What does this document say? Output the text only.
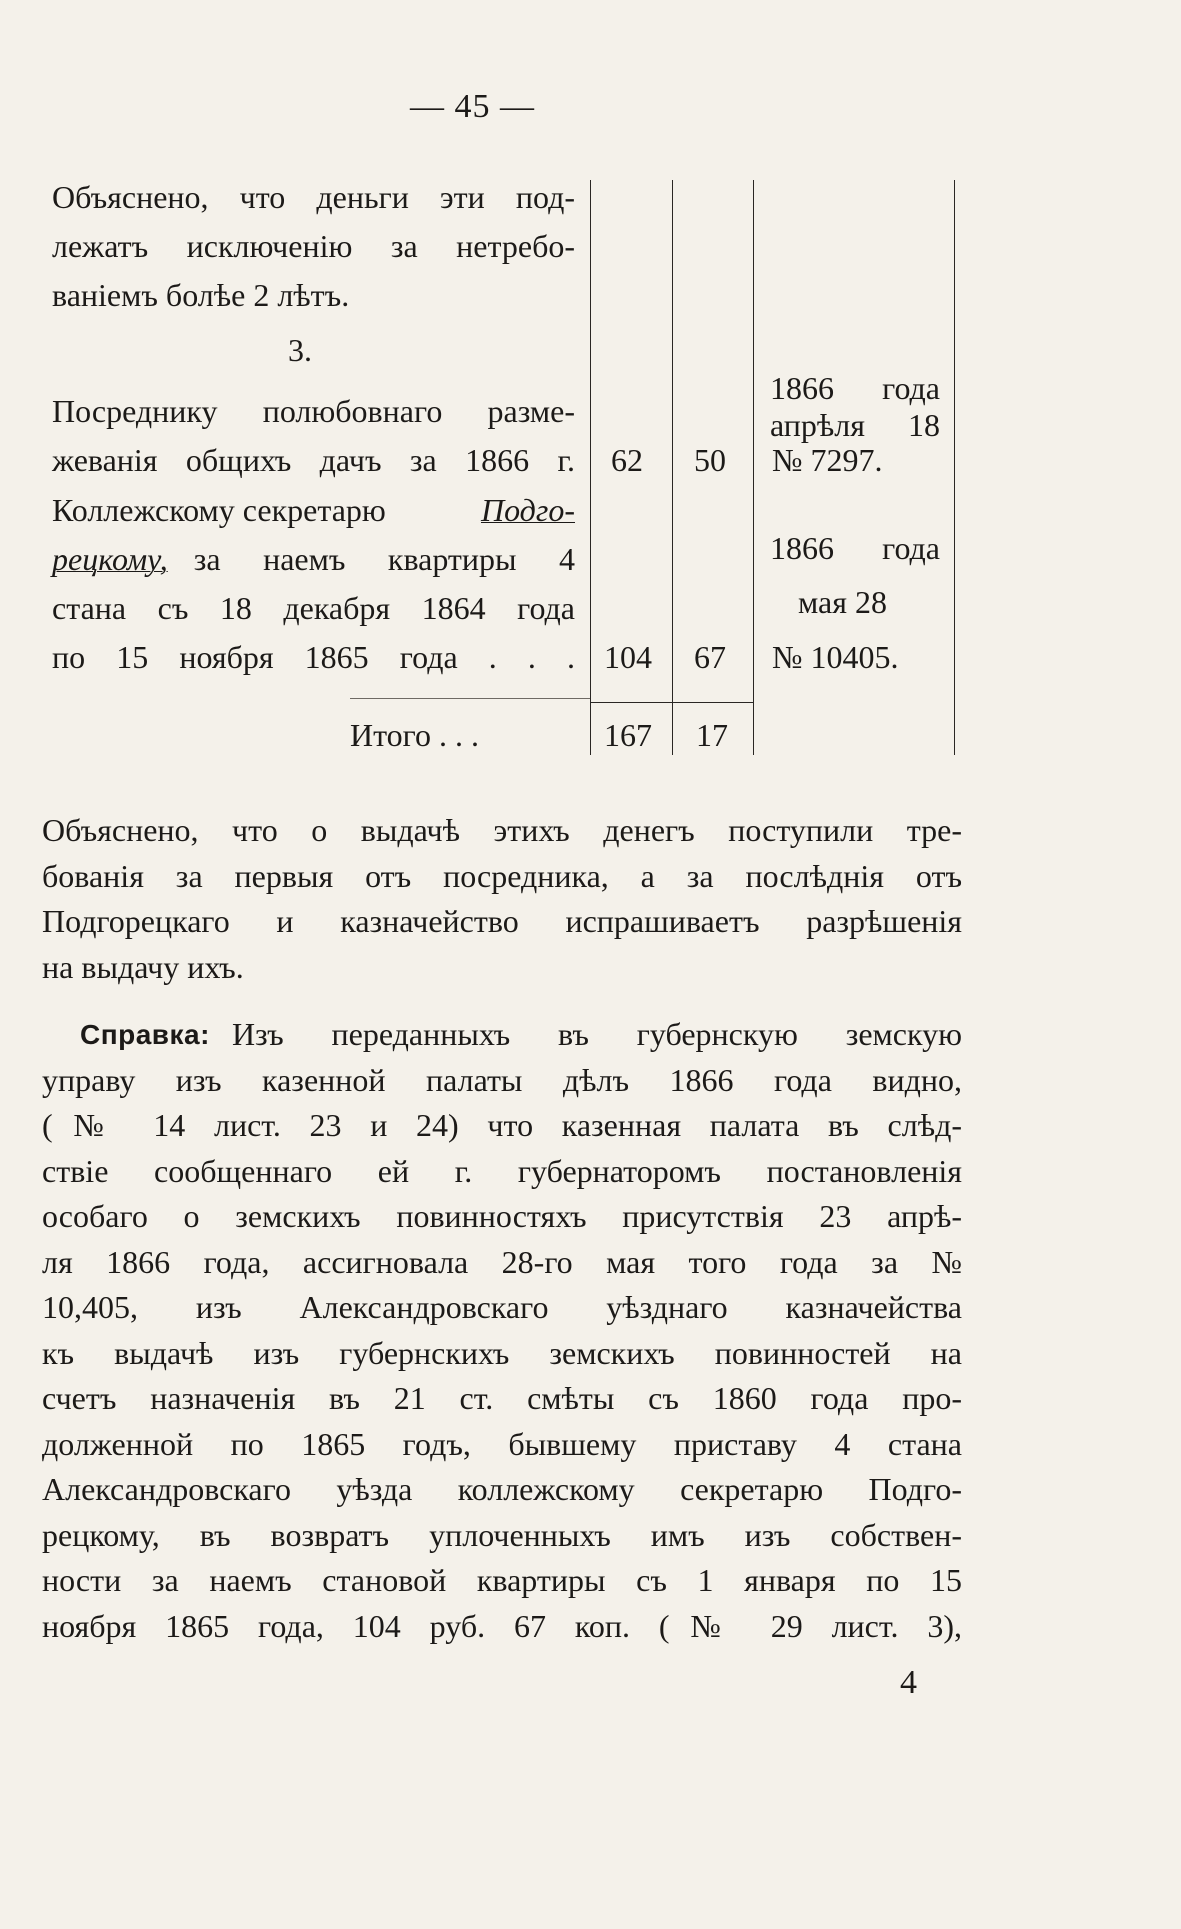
— 45 —
Объяснено, что деньги эти под-
лежатъ исключенію за нетребо-
ваніемъ болѣе 2 лѣтъ.
3.
Посреднику полюбовнаго разме-
жеванія общихъ дачъ за 1866 г. 62 50
1866 года
апрѣля 18
№ 7297.
Коллежскому секретарю	Подго-
рецкому, за наемъ квартиры 4
стана съ 18 декабря 1864 года
по 15 ноября 1865 года . . . 104 67
1866 года
мая 28
№ 10405.
Итого . . .	167 17
Объяснено, что о выдачѣ этихъ денегъ поступили тре-
бованія за первыя отъ посредника, а за послѣднія отъ
Подгорецкаго и казначейство испрашиваетъ разрѣшенія
на выдачу ихъ.
Справка: Изъ переданныхъ въ губернскую земскую
управу изъ казенной палаты дѣлъ 1866 года видно,
(№ 14 лист. 23 и 24) что казенная палата въ слѣд-
ствіе сообщеннаго ей г. губернаторомъ постановленія
особаго о земскихъ повинностяхъ присутствія 23 апрѣ-
ля 1866 года, ассигновала 28-го мая того года за №
10,405, изъ Александровскаго уѣзднаго казначейства
къ выдачѣ изъ губернскихъ земскихъ повинностей на
счетъ назначенія въ 21 ст. смѣты съ 1860 года про-
долженной по 1865 годъ, бывшему приставу 4 стана
Александровскаго уѣзда коллежскому секретарю Подго-
рецкому, въ возвратъ уплоченныхъ имъ изъ собствен-
ности за наемъ становой квартиры съ 1 января по 15
ноября 1865 года, 104 руб. 67 коп. (№ 29 лист. 3),
4
